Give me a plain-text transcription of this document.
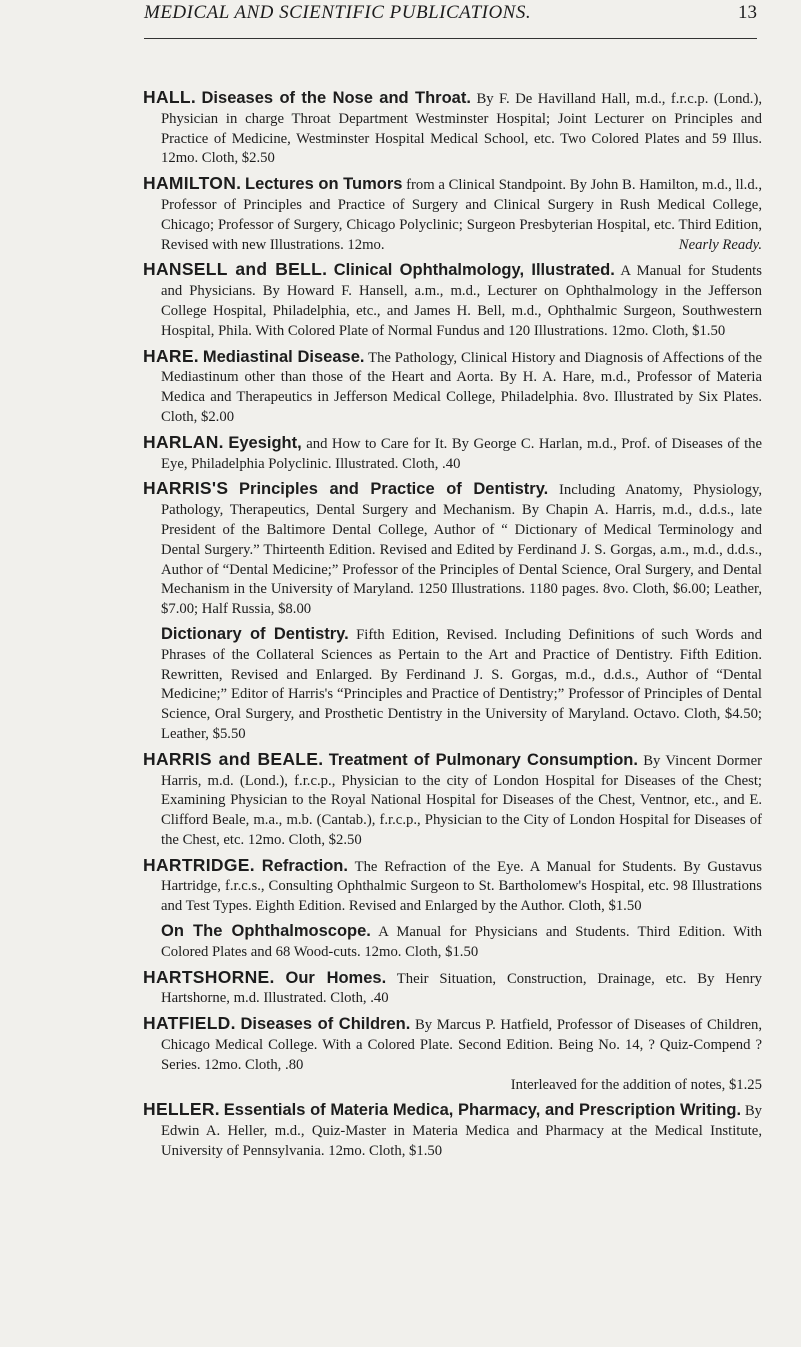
MEDICAL AND SCIENTIFIC PUBLICATIONS.	13

HALL. Diseases of the Nose and Throat. By F. De Havilland Hall, m.d., f.r.c.p. (Lond.), Physician in charge Throat Department Westminster Hospital; Joint Lecturer on Principles and Practice of Medicine, Westminster Hospital Medical School, etc. Two Colored Plates and 59 Illus. 12mo. Cloth, $2.50

HAMILTON. Lectures on Tumors from a Clinical Standpoint. By John B. Hamilton, m.d., ll.d., Professor of Principles and Practice of Surgery and Clinical Surgery in Rush Medical College, Chicago; Professor of Surgery, Chicago Polyclinic; Surgeon Presbyterian Hospital, etc. Third Edition, Revised with new Illustrations. 12mo.	Nearly Ready.

HANSELL and BELL. Clinical Ophthalmology, Illustrated. A Manual for Students and Physicians. By Howard F. Hansell, a.m., m.d., Lecturer on Ophthalmology in the Jefferson College Hospital, Philadelphia, etc., and James H. Bell, m.d., Ophthalmic Surgeon, Southwestern Hospital, Phila. With Colored Plate of Normal Fundus and 120 Illustrations. 12mo. Cloth, $1.50

HARE. Mediastinal Disease. The Pathology, Clinical History and Diagnosis of Affections of the Mediastinum other than those of the Heart and Aorta. By H. A. Hare, m.d., Professor of Materia Medica and Therapeutics in Jefferson Medical College, Philadelphia. 8vo. Illustrated by Six Plates. Cloth, $2.00

HARLAN. Eyesight, and How to Care for It. By George C. Harlan, m.d., Prof. of Diseases of the Eye, Philadelphia Polyclinic. Illustrated. Cloth, .40

HARRIS'S Principles and Practice of Dentistry. Including Anatomy, Physiology, Pathology, Therapeutics, Dental Surgery and Mechanism. By Chapin A. Harris, m.d., d.d.s., late President of the Baltimore Dental College, Author of “ Dictionary of Medical Terminology and Dental Surgery.” Thirteenth Edition. Revised and Edited by Ferdinand J. S. Gorgas, a.m., m.d., d.d.s., Author of “Dental Medicine;” Professor of the Principles of Dental Science, Oral Surgery, and Dental Mechanism in the University of Maryland. 1250 Illustrations. 1180 pages. 8vo. Cloth, $6.00; Leather, $7.00; Half Russia, $8.00

Dictionary of Dentistry. Fifth Edition, Revised. Including Definitions of such Words and Phrases of the Collateral Sciences as Pertain to the Art and Practice of Dentistry. Fifth Edition. Rewritten, Revised and Enlarged. By Ferdinand J. S. Gorgas, m.d., d.d.s., Author of “Dental Medicine;” Editor of Harris's “Principles and Practice of Dentistry;” Professor of Principles of Dental Science, Oral Surgery, and Prosthetic Dentistry in the University of Maryland. Octavo. Cloth, $4.50; Leather, $5.50

HARRIS and BEALE. Treatment of Pulmonary Consumption. By Vincent Dormer Harris, m.d. (Lond.), f.r.c.p., Physician to the city of London Hospital for Diseases of the Chest; Examining Physician to the Royal National Hospital for Diseases of the Chest, Ventnor, etc., and E. Clifford Beale, m.a., m.b. (Cantab.), f.r.c.p., Physician to the City of London Hospital for Diseases of the Chest, etc. 12mo. Cloth, $2.50

HARTRIDGE. Refraction. The Refraction of the Eye. A Manual for Students. By Gustavus Hartridge, f.r.c.s., Consulting Ophthalmic Surgeon to St. Bartholomew's Hospital, etc. 98 Illustrations and Test Types. Eighth Edition. Revised and Enlarged by the Author. Cloth, $1.50

On The Ophthalmoscope. A Manual for Physicians and Students. Third Edition. With Colored Plates and 68 Wood-cuts. 12mo. Cloth, $1.50

HARTSHORNE. Our Homes. Their Situation, Construction, Drainage, etc. By Henry Hartshorne, m.d. Illustrated. Cloth, .40

HATFIELD. Diseases of Children. By Marcus P. Hatfield, Professor of Diseases of Children, Chicago Medical College. With a Colored Plate. Second Edition. Being No. 14, ? Quiz-Compend ? Series. 12mo. Cloth, .80
Interleaved for the addition of notes, $1.25

HELLER. Essentials of Materia Medica, Pharmacy, and Prescription Writing. By Edwin A. Heller, m.d., Quiz-Master in Materia Medica and Pharmacy at the Medical Institute, University of Pennsylvania. 12mo. Cloth, $1.50
